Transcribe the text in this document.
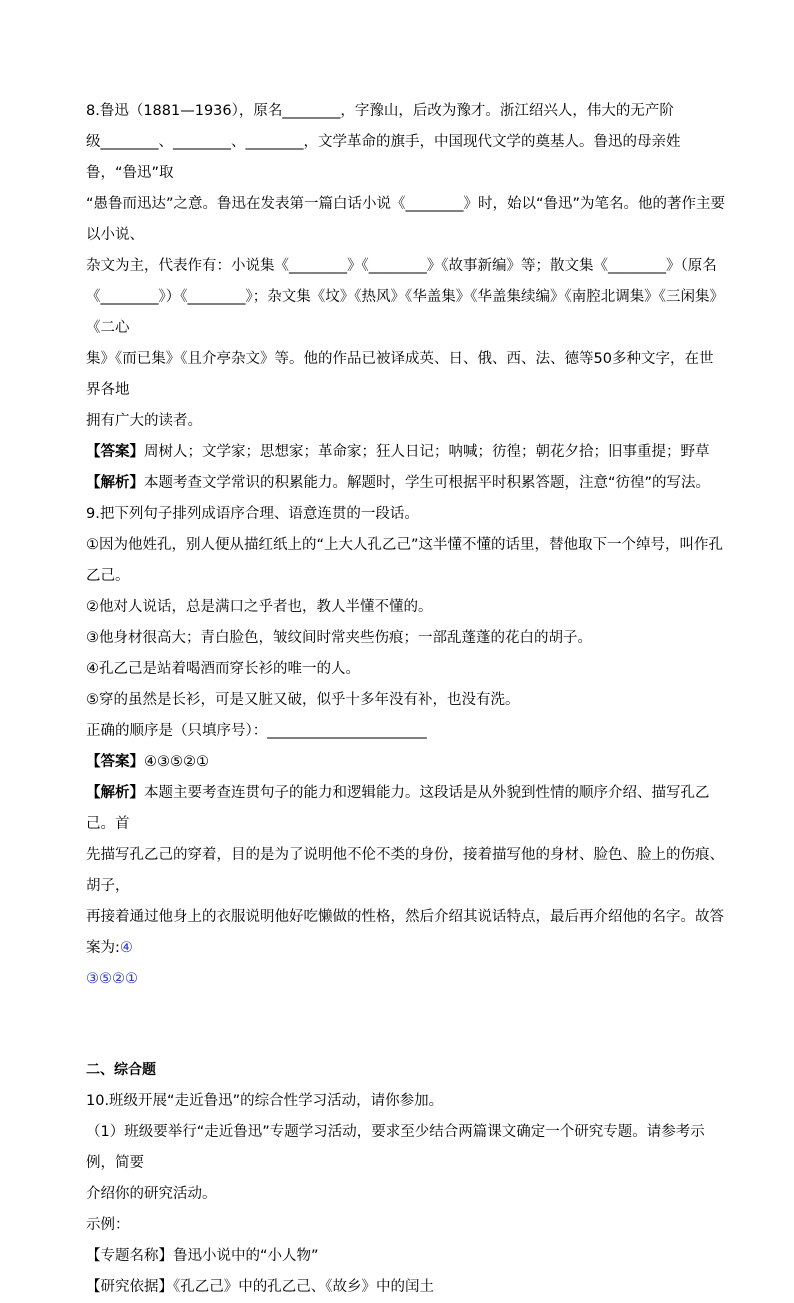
8.鲁迅（1881—1936），原名________，字豫山，后改为豫才。浙江绍兴人，伟大的无产阶

级________、________、________，文学革命的旗手，中国现代文学的奠基人。鲁迅的母亲姓鲁，“鲁迅”取

“愚鲁而迅达”之意。鲁迅在发表第一篇白话小说《________》时，始以“鲁迅”为笔名。他的著作主要以小说、

杂文为主，代表作有：小说集《________》《________》《故事新编》等；散文集《________》（原名

《________》）《________》；杂文集《坟》《热风》《华盖集》《华盖集续编》《南腔北调集》《三闲集》《二心

集》《而已集》《且介亭杂文》等。他的作品已被译成英、日、俄、西、法、德等50多种文字，在世界各地

拥有广大的读者。

【答案】周树人；文学家；思想家；革命家；狂人日记；呐喊；彷徨；朝花夕拾；旧事重提；野草

【解析】本题考查文学常识的积累能力。解题时，学生可根据平时积累答题，注意“彷徨”的写法。

9.把下列句子排列成语序合理、语意连贯的一段话。

①因为他姓孔，别人便从描红纸上的“上大人孔乙己”这半懂不懂的话里，替他取下一个绰号，叫作孔乙己。

②他对人说话，总是满口之乎者也，教人半懂不懂的。

③他身材很高大；青白脸色，皱纹间时常夹些伤痕；一部乱蓬蓬的花白的胡子。

④孔乙己是站着喝酒而穿长衫的唯一的人。

⑤穿的虽然是长衫，可是又脏又破，似乎十多年没有补，也没有洗。

正确的顺序是（只填序号）：______________________

【答案】④③⑤②①

【解析】本题主要考查连贯句子的能力和逻辑能力。这段话是从外貌到性情的顺序介绍、描写孔乙己。首

先描写孔乙己的穿着，目的是为了说明他不伦不类的身份，接着描写他的身材、脸色、脸上的伤痕、胡子，

再接着通过他身上的衣服说明他好吃懒做的性格，然后介绍其说话特点，最后再介绍他的名字。故答案为:④

③⑤②①

二、综合题

10.班级开展“走近鲁迅”的综合性学习活动，请你参加。

（1）班级要举行“走近鲁迅”专题学习活动，要求至少结合两篇课文确定一个研究专题。请参考示例，简要

介绍你的研究活动。

示例：

【专题名称】鲁迅小说中的“小人物”

【研究依据】《孔乙己》中的孔乙己、《故乡》中的闰土
